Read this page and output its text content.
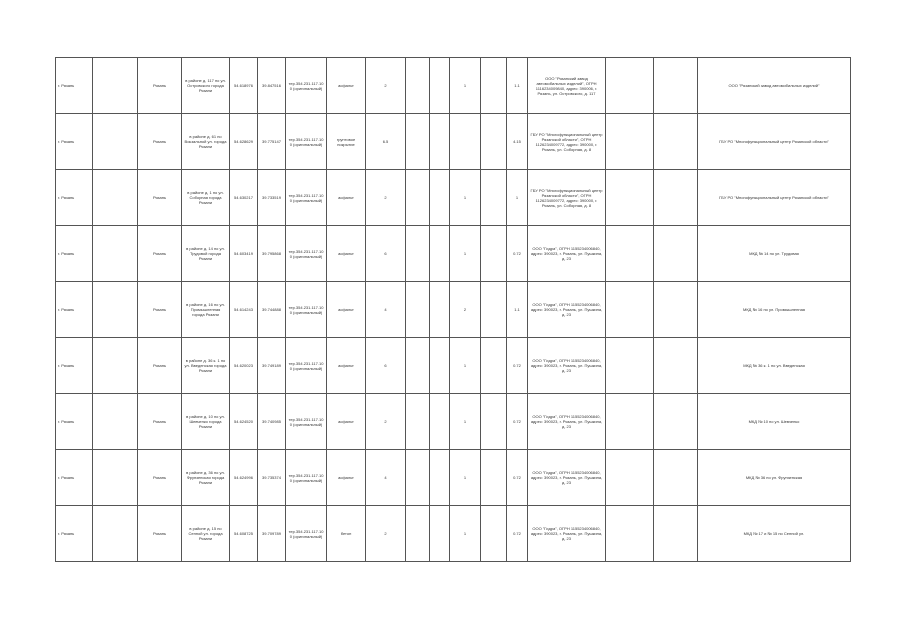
г. Рязань		Рязань	в районе д. 117 по ул. Островского города Рязани	54.618976	39.847516	тер.354.231.117.100 (оригинальный)	асфальт	2			1		1.1	ООО "Рязанский завод автомобильных изделий", ОГРН 1116234009840, адрес: 390006, г. Рязань, ул. Островского, д. 117			ООО "Рязанский завод автомобильных изделий"
г. Рязань		Рязань	в районе д. 61 по Вокзальной ул. города Рязани	54.628629	39.775147	тер.354.231.117.100 (оригинальный)	грунтовое покрытие	6.5					4.15	ГБУ РО "Многофункциональный центр Рязанской области", ОГРН 1126234009772, адрес: 390000, г. Рязань, ул. Соборная, д. 8			ГБУ РО "Многофункциональный центр Рязанской области"
г. Рязань		Рязань	в районе д. 1 по ул. Соборная города Рязани	54.630217	39.733519	тер.354.231.117.100 (оригинальный)	асфальт	2			1		1	ГБУ РО "Многофункциональный центр Рязанской области", ОГРН 1126234009772, адрес: 390000, г. Рязань, ул. Соборная, д. 8			ГБУ РО "Многофункциональный центр Рязанской области"
г. Рязань		Рязань	в районе д. 14 по ул. Трудовой города Рязани	54.603419	39.795868	тер.354.231.117.100 (оригинальный)	асфальт	6			1		0.72	ООО "Гидра", ОГРН 1155234006840, адрес: 390023, г. Рязань, ул. Пушкина, д. 23			МКД № 14 по ул. Трудовая
г. Рязань		Рязань	в районе д. 16 по ул. Промышленная города Рязани	54.614243	39.744888	тер.354.231.117.100 (оригинальный)	асфальт	4			2		1.1	ООО "Гидра", ОГРН 1155234006840, адрес: 390023, г. Рязань, ул. Пушкина, д. 23			МКД № 16 по ул. Промышленная
г. Рязань		Рязань	в районе д. 36 к. 1 по ул. Введенская города Рязани	54.620023	39.749189	тер.354.231.117.100 (оригинальный)	асфальт	6			1		0.72	ООО "Гидра", ОГРН 1155234006840, адрес: 390023, г. Рязань, ул. Пушкина, д. 23			МКД № 36 к. 1 по ул. Введенская
г. Рязань		Рязань	в районе д. 10 по ул. Шевченко города Рязани	54.624520	39.740985	тер.354.231.117.100 (оригинальный)	асфальт	2			1		0.72	ООО "Гидра", ОГРН 1155234006840, адрес: 390023, г. Рязань, ул. Пушкина, д. 23			МКД № 10 по ул. Шевченко
г. Рязань		Рязань	в районе д. 36 по ул. Фрунзенская города Рязани	54.624996	39.735374	тер.354.231.117.100 (оригинальный)	асфальт	4			1		0.72	ООО "Гидра", ОГРН 1155234006840, адрес: 390023, г. Рязань, ул. Пушкина, д. 23			МКД № 36 по ул. Фрунзенская
г. Рязань		Рязань	в районе д. 15 по Сенной ул. города Рязани	54.608725	39.709789	тер.354.231.117.100 (оригинальный)	бетон	2			1		0.72	ООО "Гидра", ОГРН 1155234006840, адрес: 390023, г. Рязань, ул. Пушкина, д. 23			МКД № 17 и № 15 по Сенной ул.
